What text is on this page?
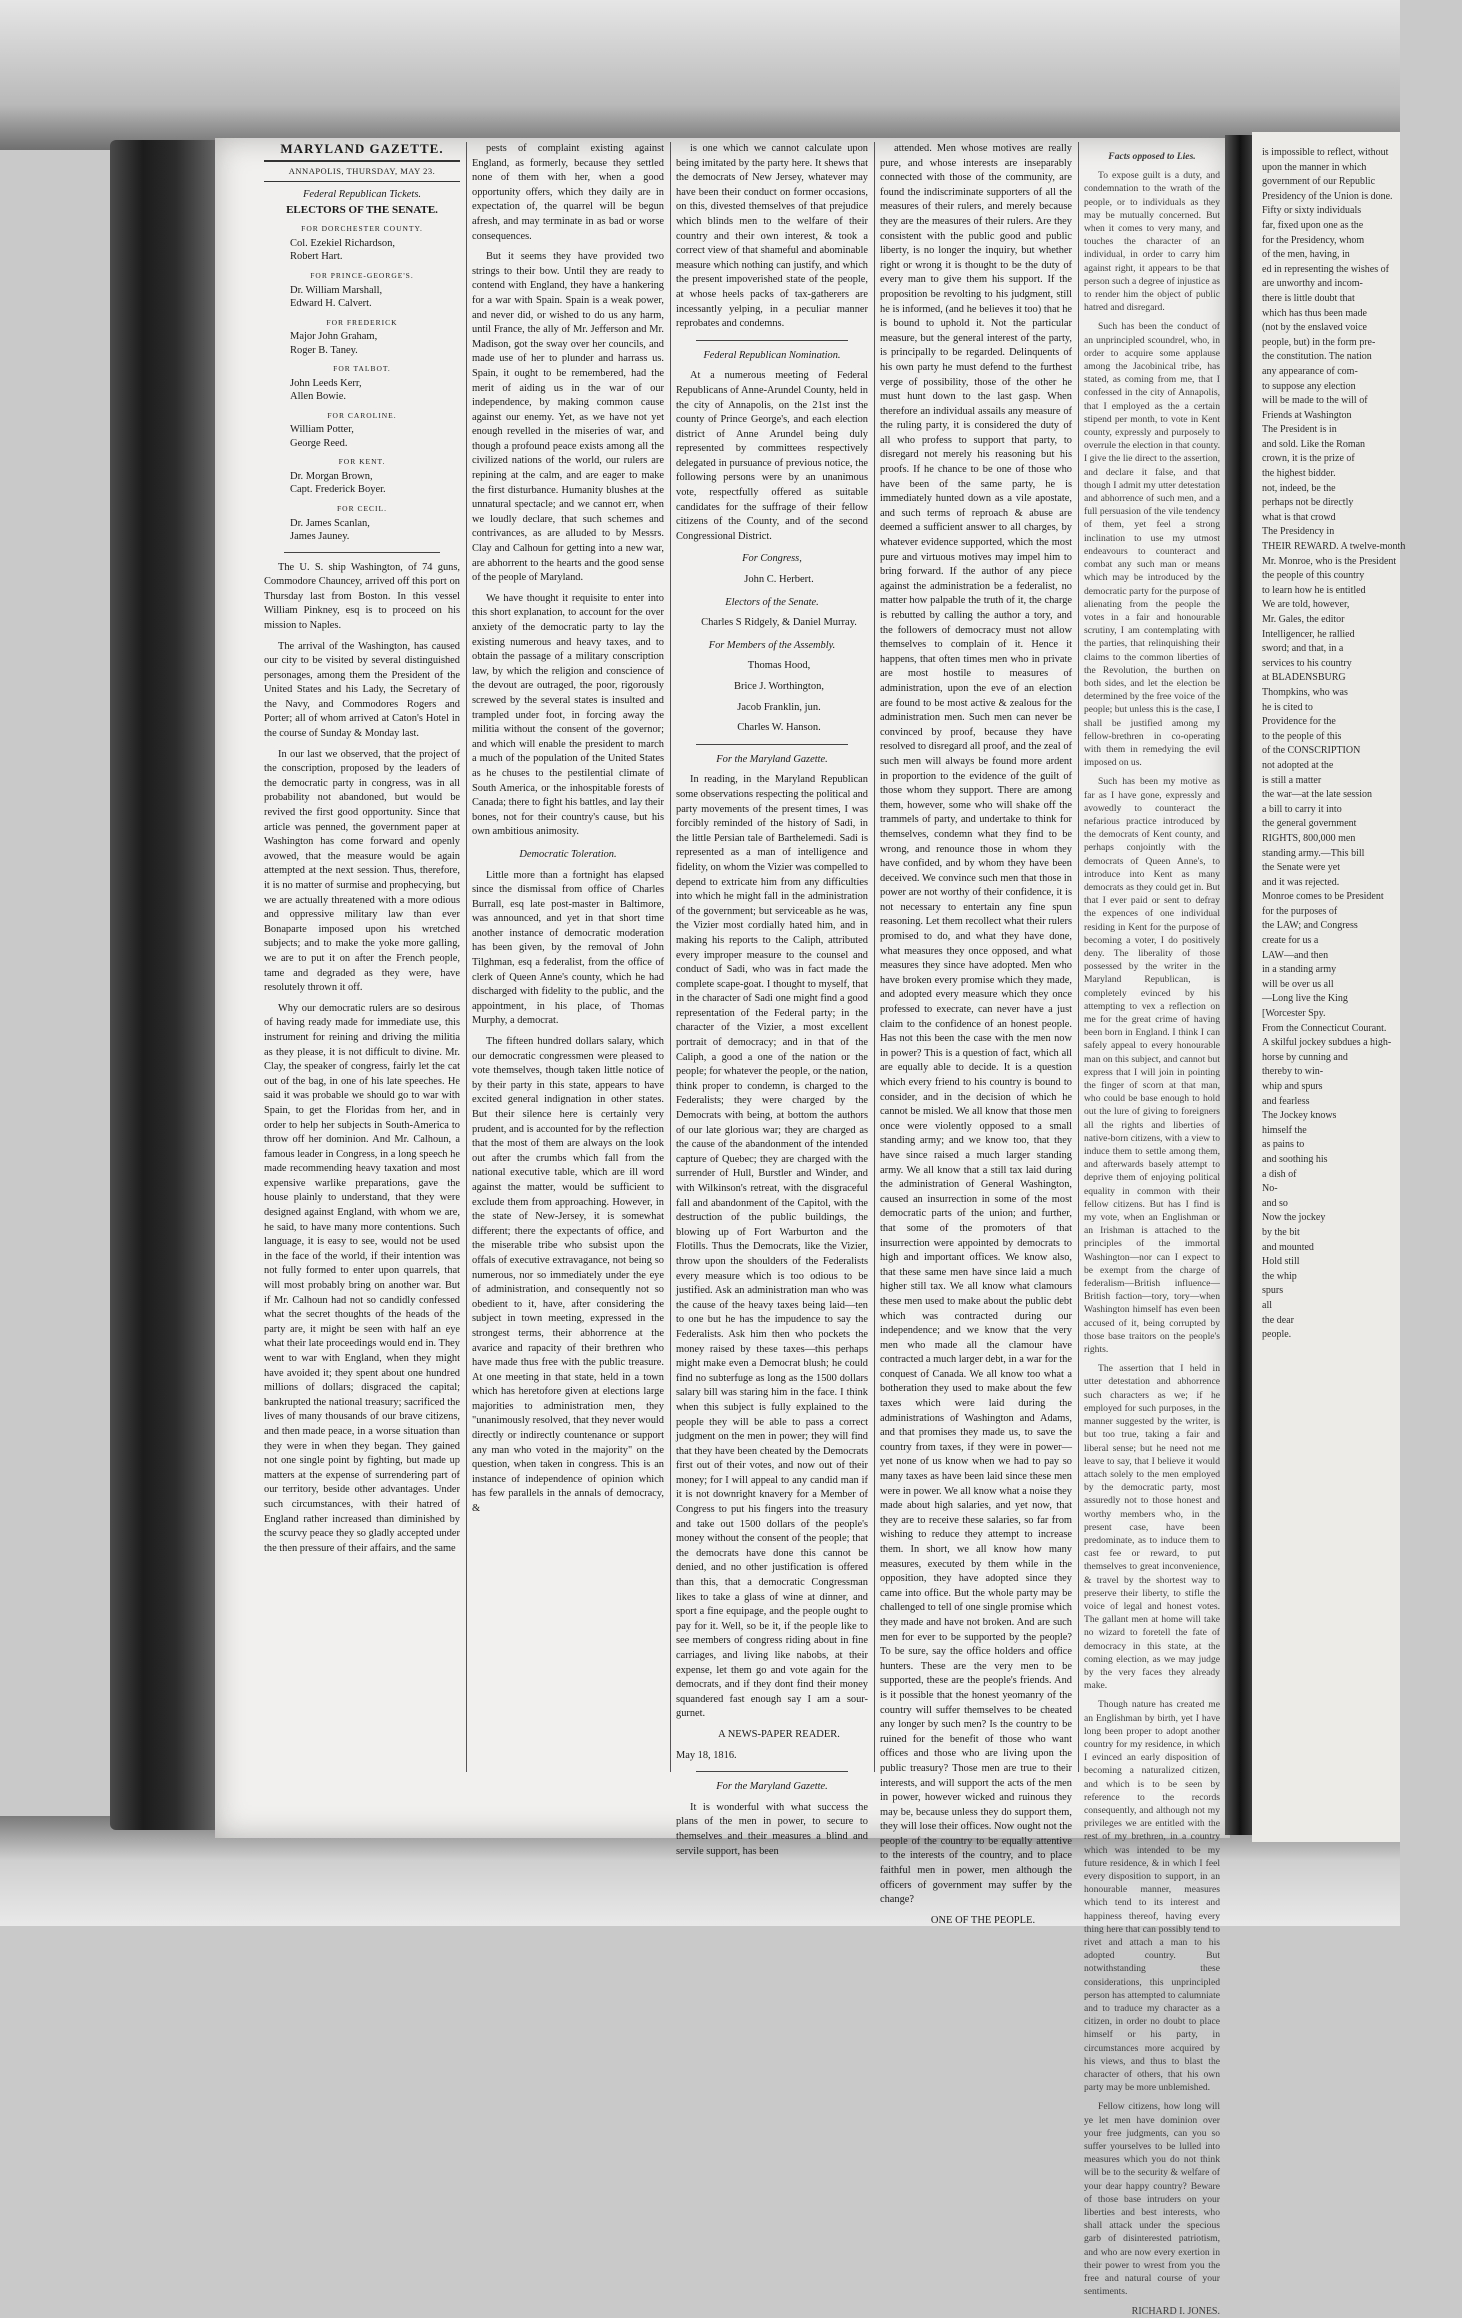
MARYLAND GAZETTE.
ANNAPOLIS, THURSDAY, MAY 23.
Federal Republican Tickets.
ELECTORS OF THE SENATE.
FOR DORCHESTER COUNTY.
Col. Ezekiel Richardson,
Robert Hart.
FOR PRINCE-GEORGE'S.
Dr. William Marshall,
Edward H. Calvert.
FOR FREDERICK
Major John Graham,
Roger B. Taney.
FOR TALBOT.
John Leeds Kerr,
Allen Bowie.
FOR CAROLINE.
William Potter,
George Reed.
FOR KENT.
Dr. Morgan Brown,
Capt. Frederick Boyer.
FOR CECIL.
Dr. James Scanlan,
James Jauney.

The U. S. ship Washington, of 74 guns, Commodore Chauncey, arrived off this port on Thursday last from Boston. In this vessel William Pinkney, esq is to proceed on his mission to Naples.

The arrival of the Washington, has caused our city to be visited by several distinguished personages, among them the President of the United States and his Lady, the Secretary of the Navy, and Commodores Rogers and Porter; all of whom arrived at Caton's Hotel in the course of Sunday & Monday last.

In our last we observed, that the project of the conscription, proposed by the leaders of the democratic party in congress, was in all probability not abandoned, but would be revived the first good opportunity. Since that article was penned, the government paper at Washington has come forward and openly avowed, that the measure would be again attempted at the next session. Thus, therefore, it is no matter of surmise and prophecying, but we are actually threatened with a more odious and oppressive military law than ever Bonaparte imposed upon his wretched subjects; and to make the yoke more galling, we are to put it on after the French people, tame and degraded as they were, have resolutely thrown it off.

Why our democratic rulers are so desirous of having ready made for immediate use, this instrument for reining and driving the militia as they please, it is not difficult to divine. Mr. Clay, the speaker of congress, fairly let the cat out of the bag, in one of his late speeches. He said it was probable we should go to war with Spain, to get the Floridas from her, and in order to help her subjects in South-America to throw off her dominion. And Mr. Calhoun, a famous leader in Congress, in a long speech he made recommending heavy taxation and most expensive warlike preparations, gave the house plainly to understand, that they were designed against England, with whom we are, he said, to have many more contentions. Such language, it is easy to see, would not be used in the face of the world, if their intention was not fully formed to enter upon quarrels, that will most probably bring on another war. But if Mr. Calhoun had not so candidly confessed what the secret thoughts of the heads of the party are, it might be seen with half an eye what their late proceedings would end in. They went to war with England, when they might have avoided it; they spent about one hundred millions of dollars; disgraced the capital; bankrupted the national treasury; sacrificed the lives of many thousands of our brave citizens, and then made peace, in a worse situation than they were in when they began. They gained not one single point by fighting, but made up matters at the expense of surrendering part of our territory, beside other advantages. Under such circumstances, with their hatred of England rather increased than diminished by the scurvy peace they so gladly accepted under the then pressure of their affairs, and the same

pests of complaint existing against England, as formerly, because they settled none of them with her, when a good opportunity offers, which they daily are in expectation of, the quarrel will be begun afresh, and may terminate in as bad or worse consequences.

But it seems they have provided two strings to their bow. Until they are ready to contend with England, they have a hankering for a war with Spain. Spain is a weak power, and never did, or wished to do us any harm, until France, the ally of Mr. Jefferson and Mr. Madison, got the sway over her councils, and made use of her to plunder and harrass us. Spain, it ought to be remembered, had the merit of aiding us in the war of our independence, by making common cause against our enemy. Yet, as we have not yet enough revelled in the miseries of war, and though a profound peace exists among all the civilized nations of the world, our rulers are repining at the calm, and are eager to make the first disturbance. Humanity blushes at the unnatural spectacle; and we cannot err, when we loudly declare, that such schemes and contrivances, as are alluded to by Messrs. Clay and Calhoun for getting into a new war, are abhorrent to the hearts and the good sense of the people of Maryland.

We have thought it requisite to enter into this short explanation, to account for the over anxiety of the democratic party to lay the existing numerous and heavy taxes, and to obtain the passage of a military conscription law, by which the religion and conscience of the devout are outraged, the poor, rigorously screwed by the several states is insulted and trampled under foot, in forcing away the militia without the consent of the governor; and which will enable the president to march a much of the population of the United States as he chuses to the pestilential climate of South America, or the inhospitable forests of Canada; there to fight his battles, and lay their bones, not for their country's cause, but his own ambitious animosity.

Democratic Toleration.

Little more than a fortnight has elapsed since the dismissal from office of Charles Burrall, esq late post-master in Baltimore, was announced, and yet in that short time another instance of democratic moderation has been given, by the removal of John Tilghman, esq a federalist, from the office of clerk of Queen Anne's county, which he had discharged with fidelity to the public, and the appointment, in his place, of Thomas Murphy, a democrat.

The fifteen hundred dollars salary, which our democratic congressmen were pleased to vote themselves, though taken little notice of by their party in this state, appears to have excited general indignation in other states. But their silence here is certainly very prudent, and is accounted for by the reflection that the most of them are always on the look out after the crumbs which fall from the national executive table, which are ill word against the matter, would be sufficient to exclude them from approaching. However, in the state of New-Jersey, it is somewhat different; there the expectants of office, and the miserable tribe who subsist upon the offals of executive extravagance, not being so numerous, nor so immediately under the eye of administration, and consequently not so obedient to it, have, after considering the subject in town meeting, expressed in the strongest terms, their abhorrence at the avarice and rapacity of their brethren who have made thus free with the public treasure. At one meeting in that state, held in a town which has heretofore given at elections large majorities to administration men, they "unanimously resolved, that they never would directly or indirectly countenance or support any man who voted in the majority" on the question, when taken in congress. This is an instance of independence of opinion which has few parallels in the annals of democracy, &

is one which we cannot calculate upon being imitated by the party here. It shews that the democrats of New Jersey, whatever may have been their conduct on former occasions, on this, divested themselves of that prejudice which blinds men to the welfare of their country and their own interest, & took a correct view of that shameful and abominable measure which nothing can justify, and which the present impoverished state of the people, at whose heels packs of tax-gatherers are incessantly yelping, in a peculiar manner reprobates and condemns.

Federal Republican Nomination.

At a numerous meeting of Federal Republicans of Anne-Arundel County, held in the city of Annapolis, on the 21st inst the county of Prince George's, and each election district of Anne Arundel being duly represented by committees respectively delegated in pursuance of previous notice, the following persons were by an unanimous vote, respectfully offered as suitable candidates for the suffrage of their fellow citizens of the County, and of the second Congressional District.

For Congress,

John C. Herbert.

Electors of the Senate.

Charles S Ridgely, & Daniel Murray.

For Members of the Assembly.

Thomas Hood,

Brice J. Worthington,

Jacob Franklin, jun.

Charles W. Hanson.

For the Maryland Gazette.

In reading, in the Maryland Republican some observations respecting the political and party movements of the present times, I was forcibly reminded of the history of Sadi, in the little Persian tale of Barthelemedi. Sadi is represented as a man of intelligence and fidelity, on whom the Vizier was compelled to depend to extricate him from any difficulties into which he might fall in the administration of the government; but serviceable as he was, the Vizier most cordially hated him, and in making his reports to the Caliph, attributed every improper measure to the counsel and conduct of Sadi, who was in fact made the complete scape-goat. I thought to myself, that in the character of Sadi one might find a good representation of the Federal party; in the character of the Vizier, a most excellent portrait of democracy; and in that of the Caliph, a good a one of the nation or the people; for whatever the people, or the nation, think proper to condemn, is charged to the Federalists; they were charged by the Democrats with being, at bottom the authors of our late glorious war; they are charged as the cause of the abandonment of the intended capture of Quebec; they are charged with the surrender of Hull, Burstler and Winder, and with Wilkinson's retreat, with the disgraceful fall and abandonment of the Capitol, with the destruction of the public buildings, the blowing up of Fort Warburton and the Flotills. Thus the Democrats, like the Vizier, throw upon the shoulders of the Federalists every measure which is too odious to be justified. Ask an administration man who was the cause of the heavy taxes being laid—ten to one but he has the impudence to say the Federalists. Ask him then who pockets the money raised by these taxes—this perhaps might make even a Democrat blush; he could find no subterfuge as long as the 1500 dollars salary bill was staring him in the face. I think when this subject is fully explained to the people they will be able to pass a correct judgment on the men in power; they will find that they have been cheated by the Democrats first out of their votes, and now out of their money; for I will appeal to any candid man if it is not downright knavery for a Member of Congress to put his fingers into the treasury and take out 1500 dollars of the people's money without the consent of the people; that the democrats have done this cannot be denied, and no other justification is offered than this, that a democratic Congressman likes to take a glass of wine at dinner, and sport a fine equipage, and the people ought to pay for it. Well, so be it, if the people like to see members of congress riding about in fine carriages, and living like nabobs, at their expense, let them go and vote again for the democrats, and if they dont find their money squandered fast enough say I am a sour-gurnet.

A NEWS-PAPER READER.

May 18, 1816.

For the Maryland Gazette.

It is wonderful with what success the plans of the men in power, to secure to themselves and their measures a blind and servile support, has been

attended. Men whose motives are really pure, and whose interests are inseparably connected with those of the community, are found the indiscriminate supporters of all the measures of their rulers, and merely because they are the measures of their rulers. Are they consistent with the public good and public liberty, is no longer the inquiry, but whether right or wrong it is thought to be the duty of every man to give them his support. If the proposition be revolting to his judgment, still he is informed, (and he believes it too) that he is bound to uphold it. Not the particular measure, but the general interest of the party, is principally to be regarded. Delinquents of his own party he must defend to the furthest verge of possibility, those of the other he must hunt down to the last gasp. When therefore an individual assails any measure of the ruling party, it is considered the duty of all who profess to support that party, to disregard not merely his reasoning but his proofs. If he chance to be one of those who have been of the same party, he is immediately hunted down as a vile apostate, and such terms of reproach & abuse are deemed a sufficient answer to all charges, by whatever evidence supported, which the most pure and virtuous motives may impel him to bring forward. If the author of any piece against the administration be a federalist, no matter how palpable the truth of it, the charge is rebutted by calling the author a tory, and the followers of democracy must not allow themselves to complain of it. Hence it happens, that often times men who in private are most hostile to measures of administration, upon the eve of an election are found to be most active & zealous for the administration men. Such men can never be convinced by proof, because they have resolved to disregard all proof, and the zeal of such men will always be found more ardent in proportion to the evidence of the guilt of those whom they support. There are among them, however, some who will shake off the trammels of party, and undertake to think for themselves, condemn what they find to be wrong, and renounce those in whom they have confided, and by whom they have been deceived. We convince such men that those in power are not worthy of their confidence, it is not necessary to entertain any fine spun reasoning. Let them recollect what their rulers promised to do, and what they have done, what measures they once opposed, and what measures they since have adopted. Men who have broken every promise which they made, and adopted every measure which they once professed to execrate, can never have a just claim to the confidence of an honest people. Has not this been the case with the men now in power? This is a question of fact, which all are equally able to decide. It is a question which every friend to his country is bound to consider, and in the decision of which he cannot be misled. We all know that those men once were violently opposed to a small standing army; and we know too, that they have since raised a much larger standing army. We all know that a still tax laid during the administration of General Washington, caused an insurrection in some of the most democratic parts of the union; and further, that some of the promoters of that insurrection were appointed by democrats to high and important offices. We know also, that these same men have since laid a much higher still tax. We all know what clamours these men used to make about the public debt which was contracted during our independence; and we know that the very men who made all the clamour have contracted a much larger debt, in a war for the conquest of Canada. We all know too what a botheration they used to make about the few taxes which were laid during the administrations of Washington and Adams, and that promises they made us, to save the country from taxes, if they were in power—yet none of us know when we had to pay so many taxes as have been laid since these men were in power. We all know what a noise they made about high salaries, and yet now, that they are to receive these salaries, so far from wishing to reduce they attempt to increase them. In short, we all know how many measures, executed by them while in the opposition, they have adopted since they came into office. But the whole party may be challenged to tell of one single promise which they made and have not broken. And are such men for ever to be supported by the people? To be sure, say the office holders and office hunters. These are the very men to be supported, these are the people's friends. And is it possible that the honest yeomanry of the country will suffer themselves to be cheated any longer by such men? Is the country to be ruined for the benefit of those who want offices and those who are living upon the public treasury? Those men are true to their interests, and will support the acts of the men in power, however wicked and ruinous they may be, because unless they do support them, they will lose their offices. Now ought not the people of the country to be equally attentive to the interests of the country, and to place faithful men in power, men although the officers of government may suffer by the change?

ONE OF THE PEOPLE.

Facts opposed to Lies.

To expose guilt is a duty, and condemnation to the wrath of the people, or to individuals as they may be mutually concerned. But when it comes to very many, and touches the character of an individual, in order to carry him against right, it appears to be that person such a degree of injustice as to render him the object of public hatred and disregard.

Such has been the conduct of an unprincipled scoundrel, who, in order to acquire some applause among the Jacobinical tribe, has stated, as coming from me, that I confessed in the city of Annapolis, that I employed as the a certain stipend per month, to vote in Kent county, expressly and purposely to overrule the election in that county. I give the lie direct to the assertion, and declare it false, and that though I admit my utter detestation and abhorrence of such men, and a full persuasion of the vile tendency of them, yet feel a strong inclination to use my utmost endeavours to counteract and combat any such man or means which may be introduced by the democratic party for the purpose of alienating from the people the votes in a fair and honourable scrutiny, I am contemplating with the parties, that relinquishing their claims to the common liberties of the Revolution, the burthen on both sides, and let the election be determined by the free voice of the people; but unless this is the case, I shall be justified among my fellow-brethren in co-operating with them in remedying the evil imposed on us.

Such has been my motive as far as I have gone, expressly and avowedly to counteract the nefarious practice introduced by the democrats of Kent county, and perhaps conjointly with the democrats of Queen Anne's, to introduce into Kent as many democrats as they could get in. But that I ever paid or sent to defray the expences of one individual residing in Kent for the purpose of becoming a voter, I do positively deny. The liberality of those possessed by the writer in the Maryland Republican, is completely evinced by his attempting to vex a reflection on me for the great crime of having been born in England. I think I can safely appeal to every honourable man on this subject, and cannot but express that I will join in pointing the finger of scorn at that man, who could be base enough to hold out the lure of giving to foreigners all the rights and liberties of native-born citizens, with a view to induce them to settle among them, and afterwards basely attempt to deprive them of enjoying political equality in common with their fellow citizens. But has I find is my vote, when an Englishman or an Irishman is attached to the principles of the immortal Washington—nor can I expect to be exempt from the charge of federalism—British influence—British faction—tory, tory—when Washington himself has even been accused of it, being corrupted by those base traitors on the people's rights.

The assertion that I held in utter detestation and abhorrence such characters as we; if he employed for such purposes, in the manner suggested by the writer, is but too true, taking a fair and liberal sense; but he need not me leave to say, that I believe it would attach solely to the men employed by the democratic party, most assuredly not to those honest and worthy members who, in the present case, have been predominate, as to induce them to cast fee or reward, to put themselves to great inconvenience, & travel by the shortest way to preserve their liberty, to stifle the voice of legal and honest votes. The gallant men at home will take no wizard to foretell the fate of democracy in this state, at the coming election, as we may judge by the very faces they already make.

Though nature has created me an Englishman by birth, yet I have long been proper to adopt another country for my residence, in which I evinced an early disposition of becoming a naturalized citizen, and which is to be seen by reference to the records consequently, and although not my privileges we are entitled with the rest of my brethren, in a country which was intended to be my future residence, & in which I feel every disposition to support, in an honourable manner, measures which tend to its interest and happiness thereof, having every thing here that can possibly tend to rivet and attach a man to his adopted country. But notwithstanding these considerations, this unprincipled person has attempted to calumniate and to traduce my character as a citizen, in order no doubt to place himself or his party, in circumstances more acquired by his views, and thus to blast the character of others, that his own party may be more unblemished.

Fellow citizens, how long will ye let men have dominion over your free judgments, can you so suffer yourselves to be lulled into measures which you do not think will be to the security & welfare of your dear happy country? Beware of those base intruders on your liberties and best interests, who shall attack under the specious garb of disinterested patriotism, and who are now every exertion in their power to wrest from you the free and natural course of your sentiments.

RICHARD I. JONES.

is impossible to reflect, without
upon the manner in which
government of our Republic
Presidency of the Union is done.
Fifty or sixty individuals
far, fixed upon one as the
for the Presidency, whom
of the men, having, in
ed in representing the wishes of
are unworthy and incom-
there is little doubt that
which has thus been made
(not by the enslaved voice
people, but) in the form pre-
the constitution. The nation
any appearance of com-
to suppose any election
will be made to the will of
Friends at Washington
The President is in
and sold. Like the Roman
crown, it is the prize of
the highest bidder.
not, indeed, be the
perhaps not be directly
what is that crowd
The Presidency in
THEIR REWARD. A twelve-month
Mr. Monroe, who is the President
the people of this country
to learn how he is entitled
We are told, however,
Mr. Gales, the editor
Intelligencer, he rallied
sword; and that, in a
services to his country
at BLADENSBURG
Thompkins, who was
he is cited to
Providence for the
to the people of this
of the CONSCRIPTION
not adopted at the
is still a matter
the war—at the late session
a bill to carry it into
the general government
RIGHTS, 800,000 men
standing army.—This bill
the Senate were yet
and it was rejected.
Monroe comes to be President
for the purposes of
the LAW; and Congress
create for us a
LAW—and then
in a standing army
will be over us all
—Long live the King
[Worcester Spy.
From the Connecticut Courant.
A skilful jockey subdues a high-
horse by cunning and
thereby to win-
whip and spurs
and fearless
The Jockey knows
himself the
as pains to
and soothing his
a dish of
No-
and so
Now the jockey
by the bit
and mounted
Hold still
the whip
spurs
all
the dear
people.
